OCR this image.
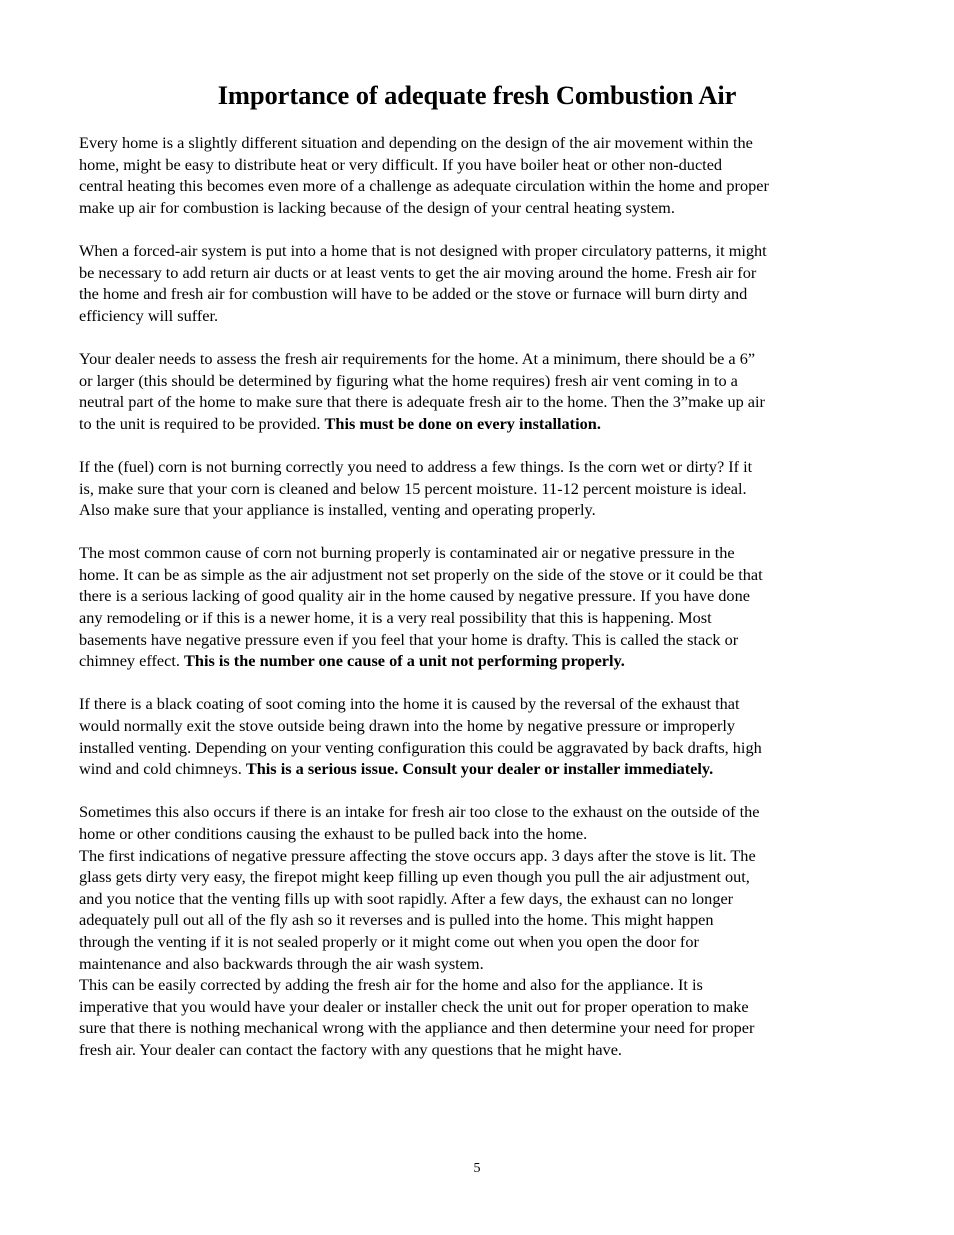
Importance of adequate fresh Combustion Air

Every home is a slightly different situation and depending on the design of the air movement within the
home, might be easy to distribute heat or very difficult. If you have boiler heat or other non-ducted
central heating this becomes even more of a challenge as adequate circulation within the home and proper
make up air for combustion is lacking because of the design of your central heating system.

When a forced-air system is put into a home that is not designed with proper circulatory patterns, it might
be necessary to add return air ducts or at least vents to get the air moving around the home. Fresh air for
the home and fresh air for combustion will have to be added or the stove or furnace will burn dirty and
efficiency will suffer.

Your dealer needs to assess the fresh air requirements for the home. At a minimum, there should be a 6”
or larger (this should be determined by figuring what the home requires) fresh air vent coming in to a
neutral part of the home to make sure that there is adequate fresh air to the home. Then the 3”make up air
to the unit is required to be provided. This must be done on every installation.

If the (fuel) corn is not burning correctly you need to address a few things. Is the corn wet or dirty? If it
is, make sure that your corn is cleaned and below 15 percent moisture. 11-12 percent moisture is ideal.
Also make sure that your appliance is installed, venting and operating properly.

The most common cause of corn not burning properly is contaminated air or negative pressure in the
home. It can be as simple as the air adjustment not set properly on the side of the stove or it could be that
there is a serious lacking of good quality air in the home caused by negative pressure. If you have done
any remodeling or if this is a newer home, it is a very real possibility that this is happening. Most
basements have negative pressure even if you feel that your home is drafty. This is called the stack or
chimney effect. This is the number one cause of a unit not performing properly.

If there is a black coating of soot coming into the home it is caused by the reversal of the exhaust that
would normally exit the stove outside being drawn into the home by negative pressure or improperly
installed venting. Depending on your venting configuration this could be aggravated by back drafts, high
wind and cold chimneys. This is a serious issue. Consult your dealer or installer immediately.

Sometimes this also occurs if there is an intake for fresh air too close to the exhaust on the outside of the
home or other conditions causing the exhaust to be pulled back into the home.
The first indications of negative pressure affecting the stove occurs app. 3 days after the stove is lit. The
glass gets dirty very easy, the firepot might keep filling up even though you pull the air adjustment out,
and you notice that the venting fills up with soot rapidly. After a few days, the exhaust can no longer
adequately pull out all of the fly ash so it reverses and is pulled into the home. This might happen
through the venting if it is not sealed properly or it might come out when you open the door for
maintenance and also backwards through the air wash system.
This can be easily corrected by adding the fresh air for the home and also for the appliance. It is
imperative that you would have your dealer or installer check the unit out for proper operation to make
sure that there is nothing mechanical wrong with the appliance and then determine your need for proper
fresh air. Your dealer can contact the factory with any questions that he might have.

5
